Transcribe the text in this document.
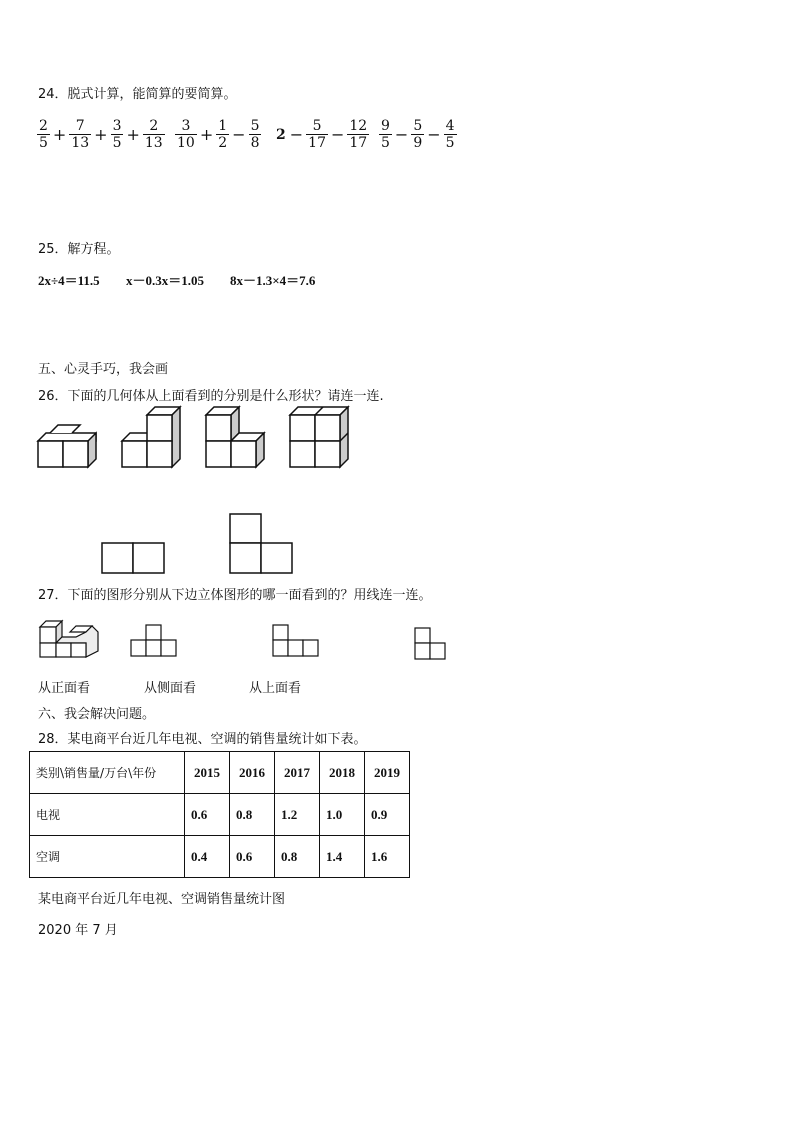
24．脱式计算，能简算的要简算。
$\frac{2}{5} + \frac{7}{13} + \frac{3}{5} + \frac{2}{13} \frac{3}{10} + \frac{1}{2} - \frac{5}{8} 2 - \frac{5}{17} - \frac{12}{17} \frac{9}{5} - \frac{5}{9} - \frac{4}{5}$
25．解方程。
2x÷4＝11.5 x－0.3x＝1.05 8x－1.3×4＝7.6
五、心灵手巧，我会画
26．下面的几何体从上面看到的分别是什么形状？请连一连.
27．下面的图形分别从下边立体图形的哪一面看到的？用线连一连。
从正面看	从侧面看	从上面看
六、我会解决问题。
28．某电商平台近几年电视、空调的销售量统计如下表。
类别\销售量/万台\年份	2015	2016	2017	2018	2019
电视	0.6	0.8	1.2	1.0	0.9
空调	0.4	0.6	0.8	1.4	1.6
某电商平台近几年电视、空调销售量统计图
2020 年 7 月
